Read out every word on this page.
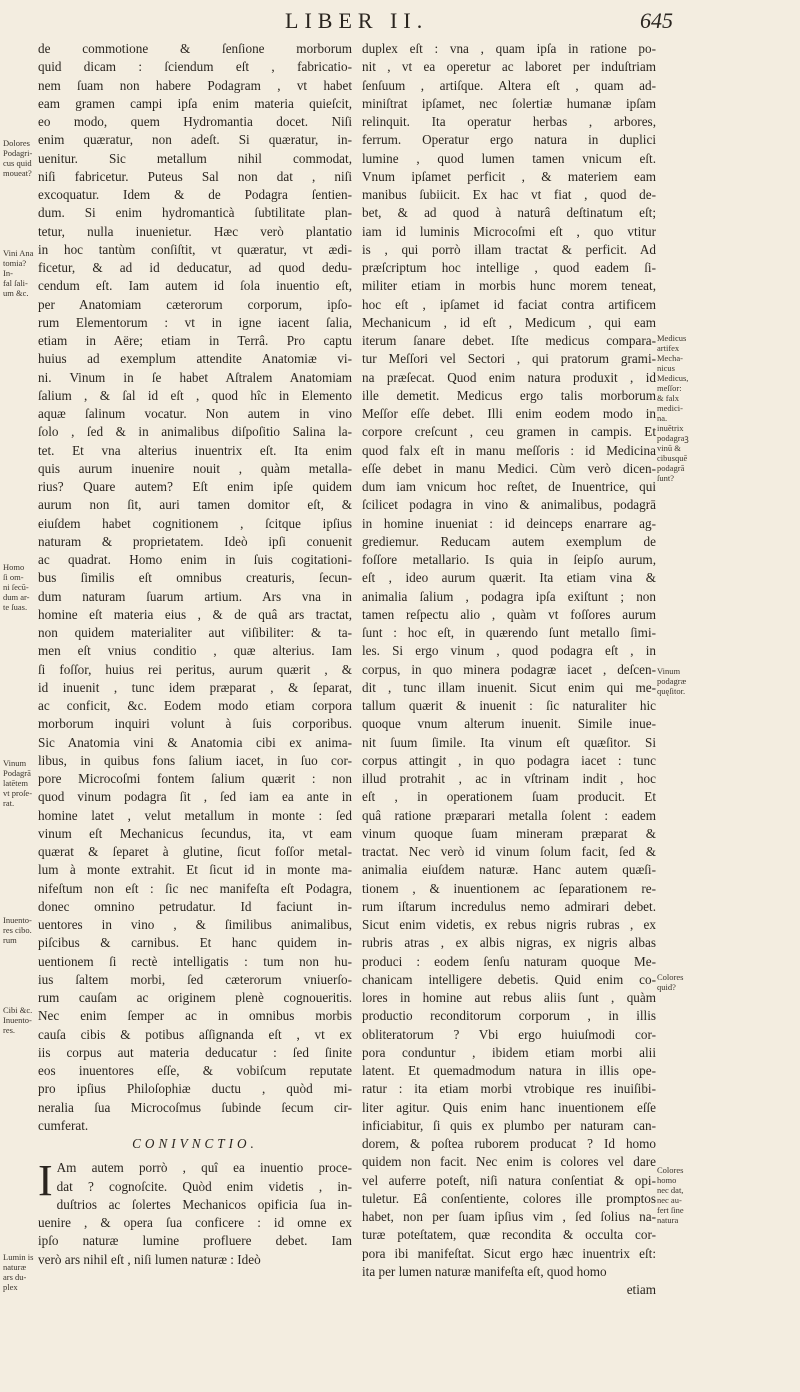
LIBER II.	645
Dolores
Podagri-
cus quid
moueat?
Vini Ana
tomia?
In-
fal ſali-
um &c.
Homo
ſi om-
ni ſecū-
dum ar-
te ſuas.
Vinum
Podagrā
latētem
vt proſe-
rat.
Inuento-
res cibo.
rum
Cibi &c.
Inuento-
res.
Lumin is
naturæ
ars du-
plex
de commotione & ſenſione morborum
quid dicam : ſciendum eſt , fabricatio-
nem ſuam non habere Podagram , vt habet
eam gramen campi ipſa enim materia quieſcit,
eo modo, quem Hydromantia docet. Niſi
enim quæratur, non adeſt. Si quæratur, in-
uenitur. Sic metallum nihil commodat,
niſi fabricetur. Puteus Sal non dat , niſi
excoquatur. Idem & de Podagra ſentien-
dum. Si enim hydromanticà ſubtilitate plan-
tetur, nulla inuenietur. Hæc verò plantatio
in hoc tantùm conſiſtit, vt quæratur, vt ædi-
ficetur, & ad id deducatur, ad quod dedu-
cendum eſt. Iam autem id ſola inuentio eſt,
per Anatomiam cæterorum corporum, ipſo-
rum Elementorum : vt in igne iacent ſalia,
etiam in Aëre; etiam in Terrâ. Pro captu
huius ad exemplum attendite Anatomiæ vi-
ni. Vinum in ſe habet Aſtralem Anatomiam
ſalium , & ſal id eſt , quod hîc in Elemento
aquæ ſalinum vocatur. Non autem in vino
ſolo , ſed & in animalibus diſpoſitio Salina la-
tet. Et vna alterius inuentrix eſt. Ita enim
quis aurum inuenire nouit , quàm metalla-
rius? Quare autem? Eſt enim ipſe quidem
aurum non ſit, auri tamen domitor eſt, &
eiuſdem habet cognitionem , ſcitque ipſius
naturam & proprietatem. Ideò ipſi conuenit
ac quadrat. Homo enim in ſuis cogitationi-
bus ſimilis eſt omnibus creaturis, ſecun-
dum naturam ſuarum artium. Ars vna in
homine eſt materia eius , & de quâ ars tractat,
non quidem materialiter aut viſibiliter: & ta-
men eſt vnius conditio , quæ alterius. Iam
ſi foſſor, huius rei peritus, aurum quærit , &
id inuenit , tunc idem præparat , & ſeparat,
ac conficit, &c. Eodem modo etiam corpora
morborum inquiri volunt à ſuis corporibus.
Sic Anatomia vini & Anatomia cibi ex anima-
libus, in quibus fons ſalium iacet, in ſuo cor-
pore Microcoſmi fontem ſalium quærit : non
quod vinum podagra ſit , ſed iam ea ante in
homine latet , velut metallum in monte : ſed
vinum eſt Mechanicus ſecundus, ita, vt eam
quærat & ſeparet à glutine, ſicut foſſor metal-
lum à monte extrahit. Et ſicut id in monte ma-
nifeſtum non eſt : ſic nec manifeſta eſt Podagra,
donec omnino petrudatur. Id faciunt in-
uentores in vino , & ſimilibus animalibus,
piſcibus & carnibus. Et hanc quidem in-
uentionem ſi rectè intelligatis : tum non hu-
ius ſaltem morbi, ſed cæterorum vniuerſo-
rum cauſam ac originem plenè cognoueritis.
Nec enim ſemper ac in omnibus morbis
cauſa cibis & potibus aſſignanda eſt , vt ex
iis corpus aut materia deducatur : ſed ſinite
eos inuentores eſſe, & vobiſcum reputate
pro ipſius Philoſophiæ ductu , quòd mi-
neralia ſua Microcoſmus ſubinde ſecum cir-
cumferat.
CONIVNCTIO.
I Am autem porrò , quî ea inuentio proce-
dat ? cognoſcite. Quòd enim videtis , in-
duſtrios ac ſolertes Mechanicos opificia ſua in-
uenire , & opera ſua conficere : id omne ex
ipſo naturæ lumine profluere debet. Iam
verò ars nihil eſt , niſi lumen naturæ : Ideò
duplex eſt : vna , quam ipſa in ratione po-
nit , vt ea operetur ac laboret per induſtriam
ſenſuum , artiſque. Altera eſt , quam ad-
miniſtrat ipſamet, nec ſolertiæ humanæ ipſam
relinquit. Ita operatur herbas , arbores,
ferrum. Operatur ergo natura in duplici
lumine , quod lumen tamen vnicum eſt.
Vnum ipſamet perficit , & materiem eam
manibus ſubiicit. Ex hac vt fiat , quod de-
bet, & ad quod à naturâ deſtinatum eſt;
iam id luminis Microcoſmi eſt , quo vtitur
is , qui porrò illam tractat & perficit. Ad
præſcriptum hoc intellige , quod eadem ſi-
militer etiam in morbis hunc morem teneat,
hoc eſt , ipſamet id faciat contra artificem
Mechanicum , id eſt , Medicum , qui eam
iterum ſanare debet. Iſte medicus compara-
tur Meſſori vel Sectori , qui pratorum grami-
na præſecat. Quod enim natura produxit , id
ille demetit. Medicus ergo talis morborum
Meſſor eſſe debet. Illi enim eodem modo in
corpore creſcunt , ceu gramen in campis. Et
quod falx eſt in manu meſſoris : id Medicina
eſſe debet in manu Medici. Cùm verò dicen-
dum iam vnicum hoc reſtet, de Inuentrice, qui
ſcilicet podagra in vino & animalibus, podagrā
in homine inueniat : id deinceps enarrare ag-
grediemur. Reducam autem exemplum de
foſſore metallario. Is quia in ſeipſo aurum,
eſt , ideo aurum quærit. Ita etiam vina &
animalia ſalium , podagra ipſa exiſtunt ; non
tamen reſpectu alio , quàm vt foſſores aurum
ſunt : hoc eſt, in quærendo ſunt metallo ſimi-
les. Si ergo vinum , quod podagra eſt , in
corpus, in quo minera podagræ iacet , deſcen-
dit , tunc illam inuenit. Sicut enim qui me-
tallum quærit & inuenit : ſic naturaliter hic
quoque vnum alterum inuenit. Simile inue-
nit ſuum ſimile. Ita vinum eſt quæſitor. Si
corpus attingit , in quo podagra iacet : tunc
illud protrahit , ac in vſtrinam indit , hoc
eſt , in operationem ſuam producit. Et
quâ ratione præparari metalla ſolent : eadem
vinum quoque ſuam mineram præparat &
tractat. Nec verò id vinum ſolum facit, ſed &
animalia eiuſdem naturæ. Hanc autem quæſi-
tionem , & inuentionem ac ſeparationem re-
rum iſtarum incredulus nemo admirari debet.
Sicut enim videtis, ex rebus nigris rubras , ex
rubris atras , ex albis nigras, ex nigris albas
produci : eodem ſenſu naturam quoque Me-
chanicam intelligere debetis. Quid enim co-
lores in homine aut rebus aliis ſunt , quàm
productio reconditorum corporum , in illis
obliteratorum ? Vbi ergo huiuſmodi cor-
pora conduntur , ibidem etiam morbi alii
latent. Et quemadmodum natura in illis ope-
ratur : ita etiam morbi vtrobique res inuiſibi-
liter agitur. Quis enim hanc inuentionem eſſe
inficiabitur, ſi quis ex plumbo per naturam can-
dorem, & poſtea ruborem producat ? Id homo
quidem non facit. Nec enim is colores vel dare
vel auferre poteſt, niſi natura conſentiat & opi-
tuletur. Eâ conſentiente, colores ille promptos
habet, non per ſuam ipſius vim , ſed ſolius na-
turæ poteſtatem, quæ recondita & occulta cor-
pora ibi manifeſtat. Sicut ergo hæc inuentrix eſt:
ita per lumen naturæ manifeſta eſt, quod homo
etiam
Medicus
artifex
Mecha-
nicus
Medicus,
meſſor:
& falx
medici-
na.
inuētrix
podagraꝫ
vinū &
cibusquē
podagrā
ſunt?
Vinum
podagræ
quęſitor.
Colores
quid?
Colores
homo
nec dat,
nec au-
fert ſine
natura
